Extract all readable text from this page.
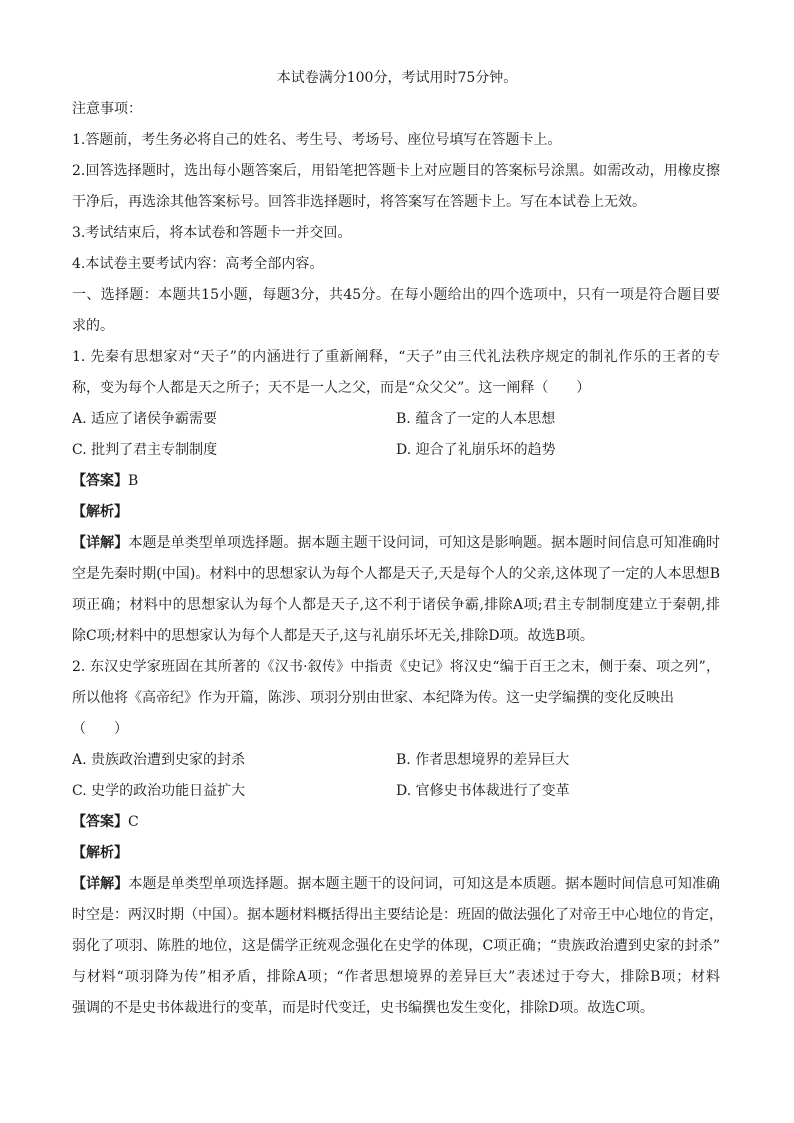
本试卷满分100分，考试用时75分钟。
注意事项：
1.答题前，考生务必将自己的姓名、考生号、考场号、座位号填写在答题卡上。
2.回答选择题时，选出每小题答案后，用铅笔把答题卡上对应题目的答案标号涂黑。如需改动，用橡皮擦
干净后，再选涂其他答案标号。回答非选择题时，将答案写在答题卡上。写在本试卷上无效。
3.考试结束后，将本试卷和答题卡一并交回。
4.本试卷主要考试内容：高考全部内容。
一、选择题：本题共15小题，每题3分，共45分。在每小题给出的四个选项中，只有一项是符合题目要
求的。
1. 先秦有思想家对“天子”的内涵进行了重新阐释，“天子”由三代礼法秩序规定的制礼作乐的王者的专
称，变为每个人都是天之所子；天不是一人之父，而是“众父父”。这一阐释（　　）
A. 适应了诸侯争霸需要	B. 蕴含了一定的人本思想
C. 批判了君主专制制度	D. 迎合了礼崩乐坏的趋势
【答案】B
【解析】
【详解】本题是单类型单项选择题。据本题主题干设问词，可知这是影响题。据本题时间信息可知准确时
空是先秦时期(中国)。材料中的思想家认为每个人都是天子,天是每个人的父亲,这体现了一定的人本思想B
项正确；材料中的思想家认为每个人都是天子,这不利于诸侯争霸,排除A项;君主专制制度建立于秦朝,排
除C项;材料中的思想家认为每个人都是天子,这与礼崩乐坏无关,排除D项。故选B项。
2. 东汉史学家班固在其所著的《汉书·叙传》中指责《史记》将汉史“编于百王之末，侧于秦、项之列”，
所以他将《高帝纪》作为开篇，陈涉、项羽分别由世家、本纪降为传。这一史学编撰的变化反映出
（　　）
A. 贵族政治遭到史家的封杀	B. 作者思想境界的差异巨大
C. 史学的政治功能日益扩大	D. 官修史书体裁进行了变革
【答案】C
【解析】
【详解】本题是单类型单项选择题。据本题主题干的设问词，可知这是本质题。据本题时间信息可知准确
时空是：两汉时期（中国）。据本题材料概括得出主要结论是：班固的做法强化了对帝王中心地位的肯定，
弱化了项羽、陈胜的地位，这是儒学正统观念强化在史学的体现，C项正确；“贵族政治遭到史家的封杀”
与材料“项羽降为传”相矛盾，排除A项；“作者思想境界的差异巨大”表述过于夸大，排除B项；材料
强调的不是史书体裁进行的变革，而是时代变迁，史书编撰也发生变化，排除D项。故选C项。
